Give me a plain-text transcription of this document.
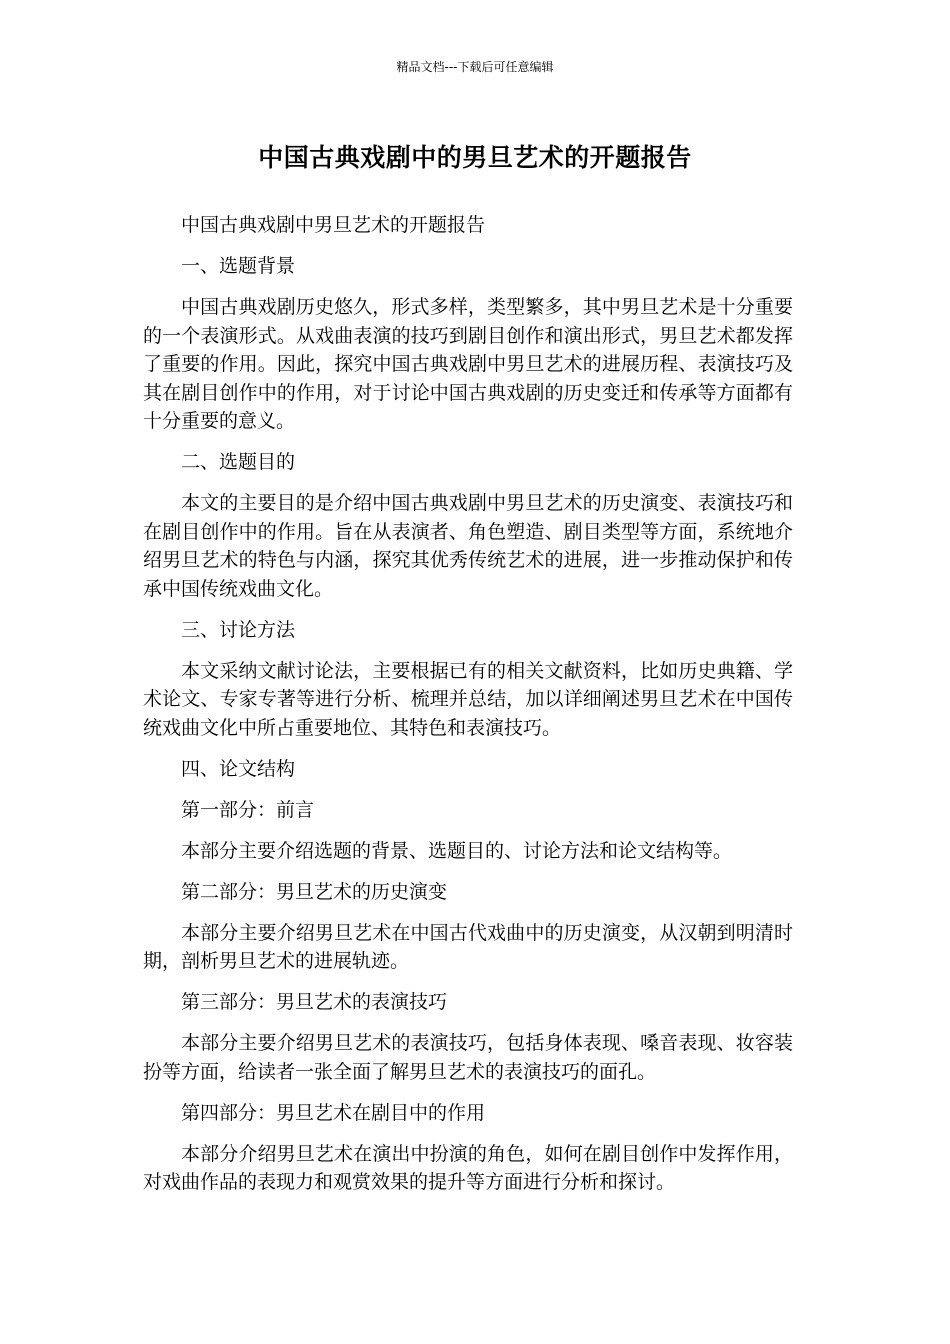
精品文档---下载后可任意编辑
中国古典戏剧中的男旦艺术的开题报告

中国古典戏剧中男旦艺术的开题报告

一、选题背景

中国古典戏剧历史悠久，形式多样，类型繁多，其中男旦艺术是十分重要的一个表演形式。从戏曲表演的技巧到剧目创作和演出形式，男旦艺术都发挥了重要的作用。因此，探究中国古典戏剧中男旦艺术的进展历程、表演技巧及其在剧目创作中的作用，对于讨论中国古典戏剧的历史变迁和传承等方面都有十分重要的意义。

二、选题目的

本文的主要目的是介绍中国古典戏剧中男旦艺术的历史演变、表演技巧和在剧目创作中的作用。旨在从表演者、角色塑造、剧目类型等方面，系统地介绍男旦艺术的特色与内涵，探究其优秀传统艺术的进展，进一步推动保护和传承中国传统戏曲文化。

三、讨论方法

本文采纳文献讨论法，主要根据已有的相关文献资料，比如历史典籍、学术论文、专家专著等进行分析、梳理并总结，加以详细阐述男旦艺术在中国传统戏曲文化中所占重要地位、其特色和表演技巧。

四、论文结构

第一部分：前言

本部分主要介绍选题的背景、选题目的、讨论方法和论文结构等。

第二部分：男旦艺术的历史演变

本部分主要介绍男旦艺术在中国古代戏曲中的历史演变，从汉朝到明清时期，剖析男旦艺术的进展轨迹。

第三部分：男旦艺术的表演技巧

本部分主要介绍男旦艺术的表演技巧，包括身体表现、嗓音表现、妆容装扮等方面，给读者一张全面了解男旦艺术的表演技巧的面孔。

第四部分：男旦艺术在剧目中的作用

本部分介绍男旦艺术在演出中扮演的角色，如何在剧目创作中发挥作用，对戏曲作品的表现力和观赏效果的提升等方面进行分析和探讨。
